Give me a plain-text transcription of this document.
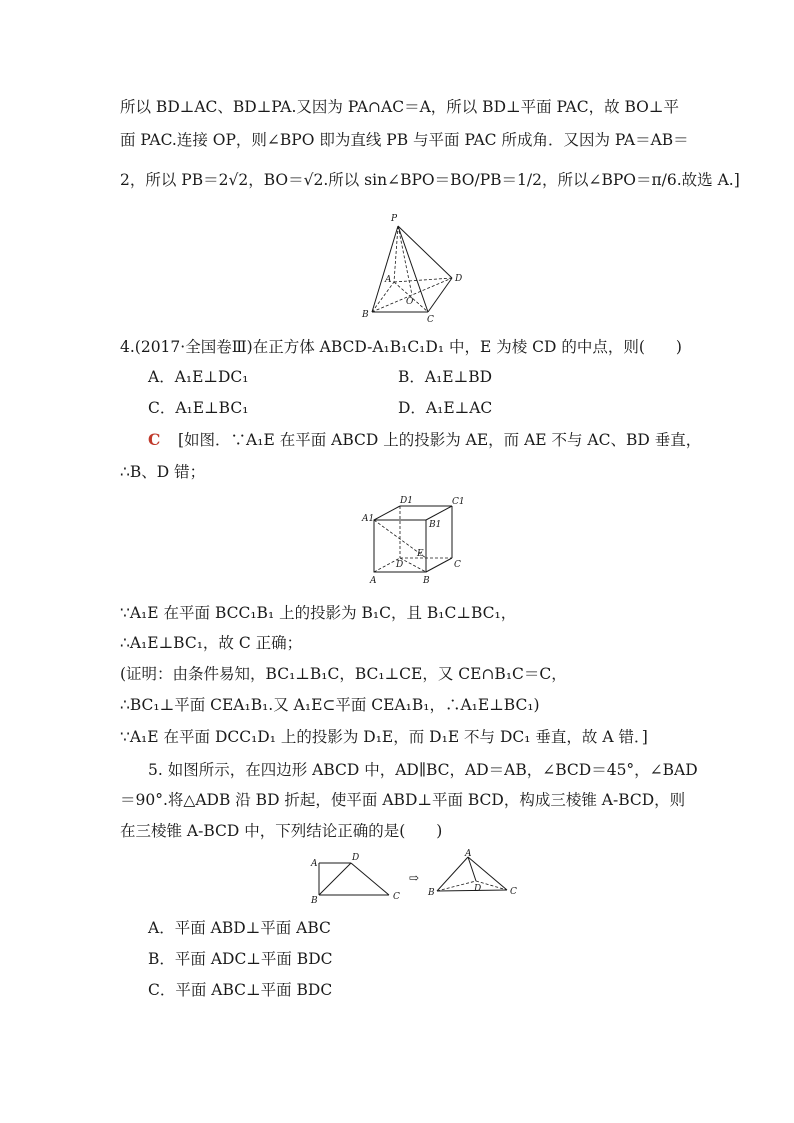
所以 BD⊥AC、BD⊥PA.又因为 PA∩AC＝A，所以 BD⊥平面 PAC，故 BO⊥平
面 PAC.连接 OP，则∠BPO 即为直线 PB 与平面 PAC 所成角．又因为 PA＝AB＝
2，所以 PB＝2√2，BO＝√2.所以 sin∠BPO＝BO/PB＝1/2，所以∠BPO＝π/6.故选 A.]
P
A
O
D
B	C
4.(2017·全国卷Ⅲ)在正方体 ABCD-A₁B₁C₁D₁ 中，E 为棱 CD 的中点，则(　　)
A．A₁E⊥DC₁	B．A₁E⊥BD
C．A₁E⊥BC₁	D．A₁E⊥AC
C	[如图．∵A₁E 在平面 ABCD 上的投影为 AE，而 AE 不与 AC、BD 垂直，
∴B、D 错；
D1	C1
A1
B1
E
D
A	B
C
∵A₁E 在平面 BCC₁B₁ 上的投影为 B₁C，且 B₁C⊥BC₁，
∴A₁E⊥BC₁，故 C 正确；
(证明：由条件易知，BC₁⊥B₁C，BC₁⊥CE，又 CE∩B₁C＝C，
∴BC₁⊥平面 CEA₁B₁.又 A₁E⊂平面 CEA₁B₁，∴A₁E⊥BC₁)
∵A₁E 在平面 DCC₁D₁ 上的投影为 D₁E，而 D₁E 不与 DC₁ 垂直，故 A 错．]
5. 如图所示，在四边形 ABCD 中，AD∥BC，AD＝AB，∠BCD＝45°，∠BAD
＝90°.将△ADB 沿 BD 折起，使平面 ABD⊥平面 BCD，构成三棱锥 A-BCD，则
在三棱锥 A-BCD 中，下列结论正确的是(　　)
A
D
B	C
⇨
A
D
B	C
A．平面 ABD⊥平面 ABC
B．平面 ADC⊥平面 BDC
C．平面 ABC⊥平面 BDC
